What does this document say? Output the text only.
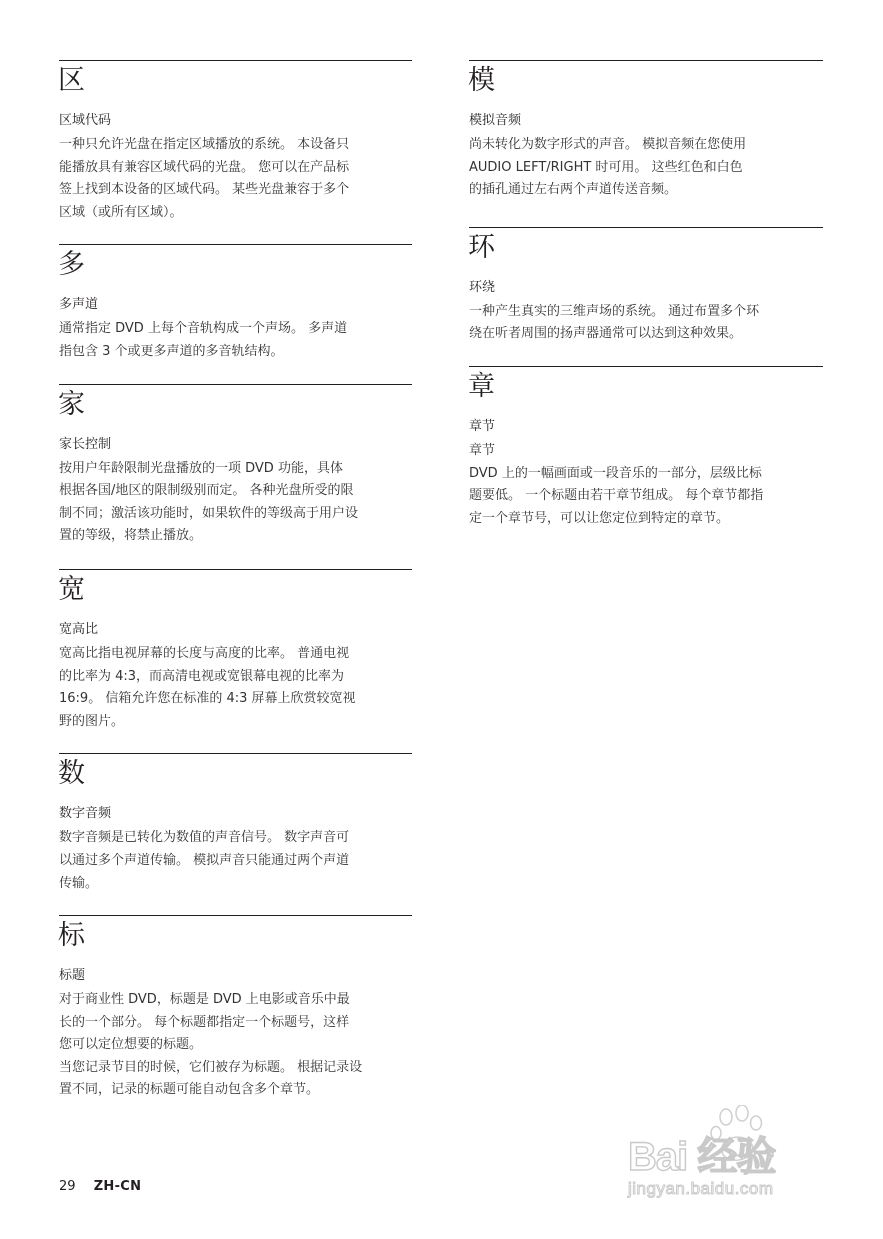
区
区域代码
一种只允许光盘在指定区域播放的系统。 本设备只
能播放具有兼容区域代码的光盘。 您可以在产品标
签上找到本设备的区域代码。 某些光盘兼容于多个
区域（或所有区域）。
多
多声道
通常指定 DVD 上每个音轨构成一个声场。 多声道
指包含 3 个或更多声道的多音轨结构。
家
家长控制
按用户年龄限制光盘播放的一项 DVD 功能，具体
根据各国/地区的限制级别而定。 各种光盘所受的限
制不同；激活该功能时，如果软件的等级高于用户设
置的等级，将禁止播放。
宽
宽高比
宽高比指电视屏幕的长度与高度的比率。 普通电视
的比率为 4:3，而高清电视或宽银幕电视的比率为
16:9。 信箱允许您在标准的 4:3 屏幕上欣赏较宽视
野的图片。
数
数字音频
数字音频是已转化为数值的声音信号。 数字声音可
以通过多个声道传输。 模拟声音只能通过两个声道
传输。
标
标题
对于商业性 DVD，标题是 DVD 上电影或音乐中最
长的一个部分。 每个标题都指定一个标题号，这样
您可以定位想要的标题。
当您记录节目的时候，它们被存为标题。 根据记录设
置不同，记录的标题可能自动包含多个章节。
模
模拟音频
尚未转化为数字形式的声音。 模拟音频在您使用
AUDIO LEFT/RIGHT 时可用。 这些红色和白色
的插孔通过左右两个声道传送音频。
环
环绕
一种产生真实的三维声场的系统。 通过布置多个环
绕在听者周围的扬声器通常可以达到这种效果。
章
章节
章节
DVD 上的一幅画面或一段音乐的一部分，层级比标
题要低。 一个标题由若干章节组成。 每个章节都指
定一个章节号，可以让您定位到特定的章节。
29 ZH-CN
Bai 经验
jingyan.baidu.com
